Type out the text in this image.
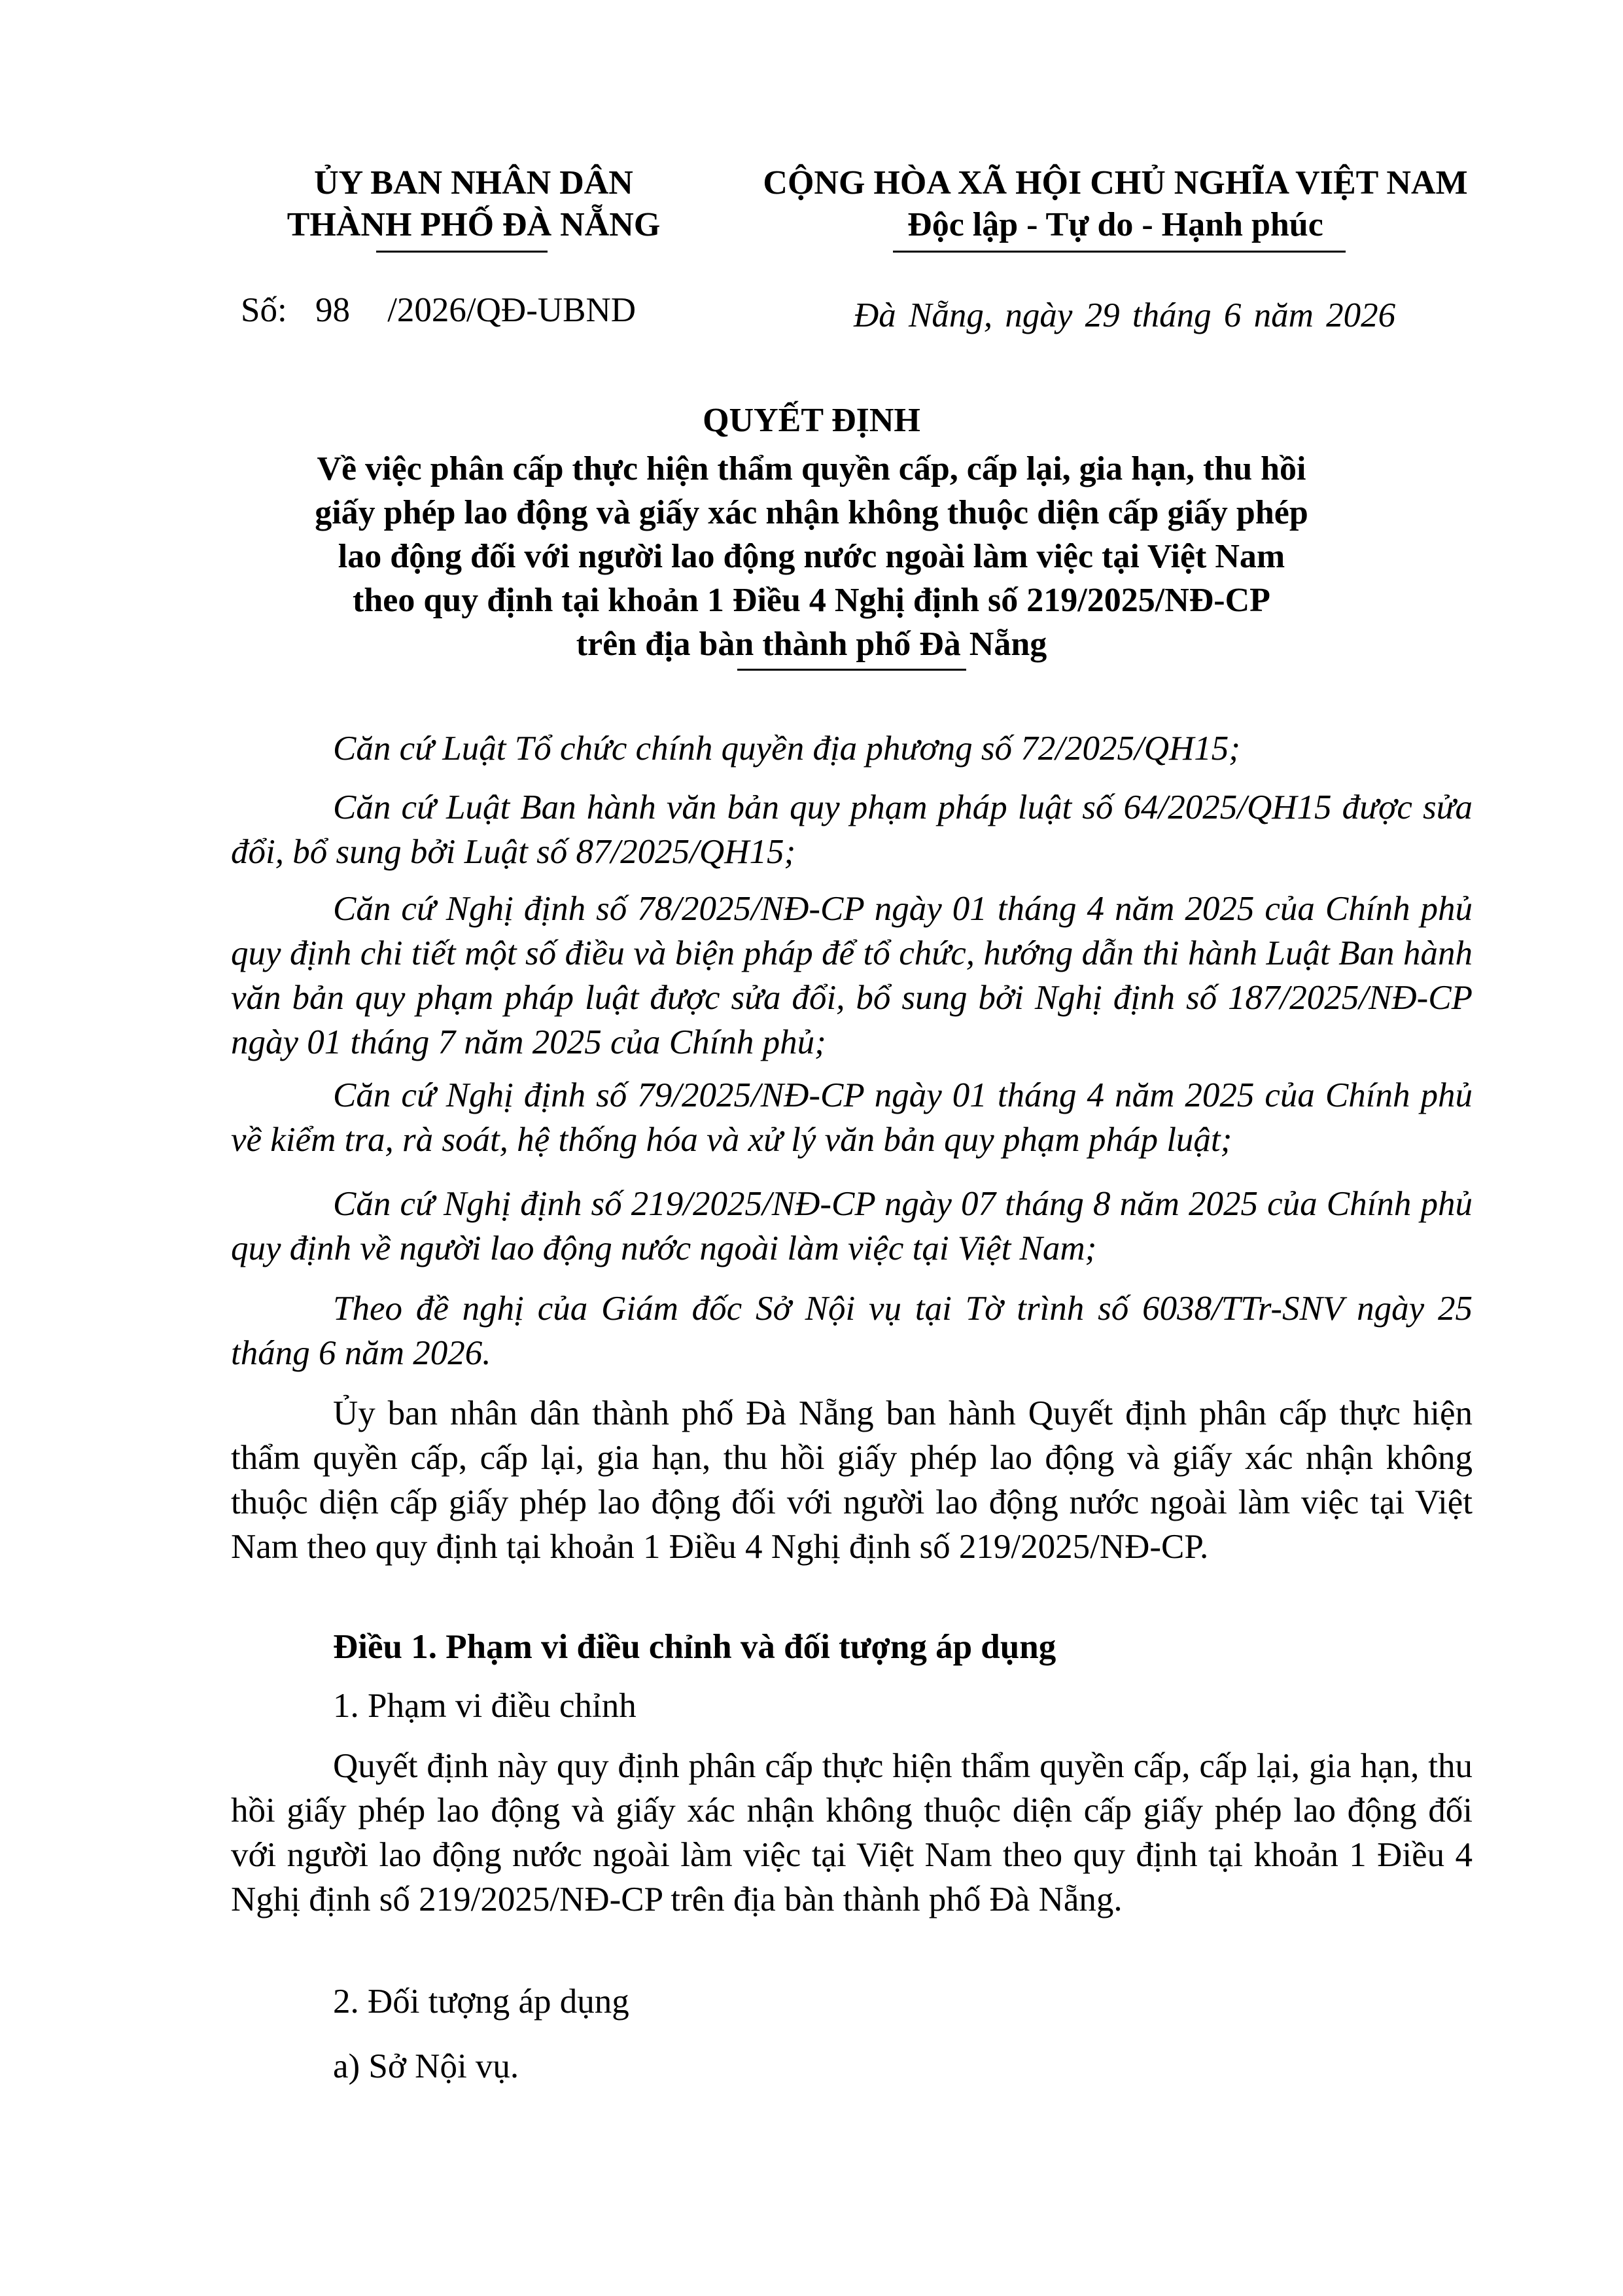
ỦY BAN NHÂN DÂN
THÀNH PHỐ ĐÀ NẴNG
CỘNG HÒA XÃ HỘI CHỦ NGHĨA VIỆT NAM
Độc lập - Tự do - Hạnh phúc
Số: 98 /2026/QĐ-UBND	Đà Nẵng, ngày 29 tháng 6 năm 2026
QUYẾT ĐỊNH
Về việc phân cấp thực hiện thẩm quyền cấp, cấp lại, gia hạn, thu hồi
giấy phép lao động và giấy xác nhận không thuộc diện cấp giấy phép
lao động đối với người lao động nước ngoài làm việc tại Việt Nam
theo quy định tại khoản 1 Điều 4 Nghị định số 219/2025/NĐ-CP
trên địa bàn thành phố Đà Nẵng
Căn cứ Luật Tổ chức chính quyền địa phương số 72/2025/QH15;
Căn cứ Luật Ban hành văn bản quy phạm pháp luật số 64/2025/QH15 được sửa đổi, bổ sung bởi Luật số 87/2025/QH15;
Căn cứ Nghị định số 78/2025/NĐ-CP ngày 01 tháng 4 năm 2025 của Chính phủ quy định chi tiết một số điều và biện pháp để tổ chức, hướng dẫn thi hành Luật Ban hành văn bản quy phạm pháp luật được sửa đổi, bổ sung bởi Nghị định số 187/2025/NĐ-CP ngày 01 tháng 7 năm 2025 của Chính phủ;
Căn cứ Nghị định số 79/2025/NĐ-CP ngày 01 tháng 4 năm 2025 của Chính phủ về kiểm tra, rà soát, hệ thống hóa và xử lý văn bản quy phạm pháp luật;
Căn cứ Nghị định số 219/2025/NĐ-CP ngày 07 tháng 8 năm 2025 của Chính phủ quy định về người lao động nước ngoài làm việc tại Việt Nam;
Theo đề nghị của Giám đốc Sở Nội vụ tại Tờ trình số 6038/TTr-SNV ngày 25 tháng 6 năm 2026.
Ủy ban nhân dân thành phố Đà Nẵng ban hành Quyết định phân cấp thực hiện thẩm quyền cấp, cấp lại, gia hạn, thu hồi giấy phép lao động và giấy xác nhận không thuộc diện cấp giấy phép lao động đối với người lao động nước ngoài làm việc tại Việt Nam theo quy định tại khoản 1 Điều 4 Nghị định số 219/2025/NĐ-CP.
Điều 1. Phạm vi điều chỉnh và đối tượng áp dụng
1. Phạm vi điều chỉnh
Quyết định này quy định phân cấp thực hiện thẩm quyền cấp, cấp lại, gia hạn, thu hồi giấy phép lao động và giấy xác nhận không thuộc diện cấp giấy phép lao động đối với người lao động nước ngoài làm việc tại Việt Nam theo quy định tại khoản 1 Điều 4 Nghị định số 219/2025/NĐ-CP trên địa bàn thành phố Đà Nẵng.
2. Đối tượng áp dụng
a) Sở Nội vụ.
